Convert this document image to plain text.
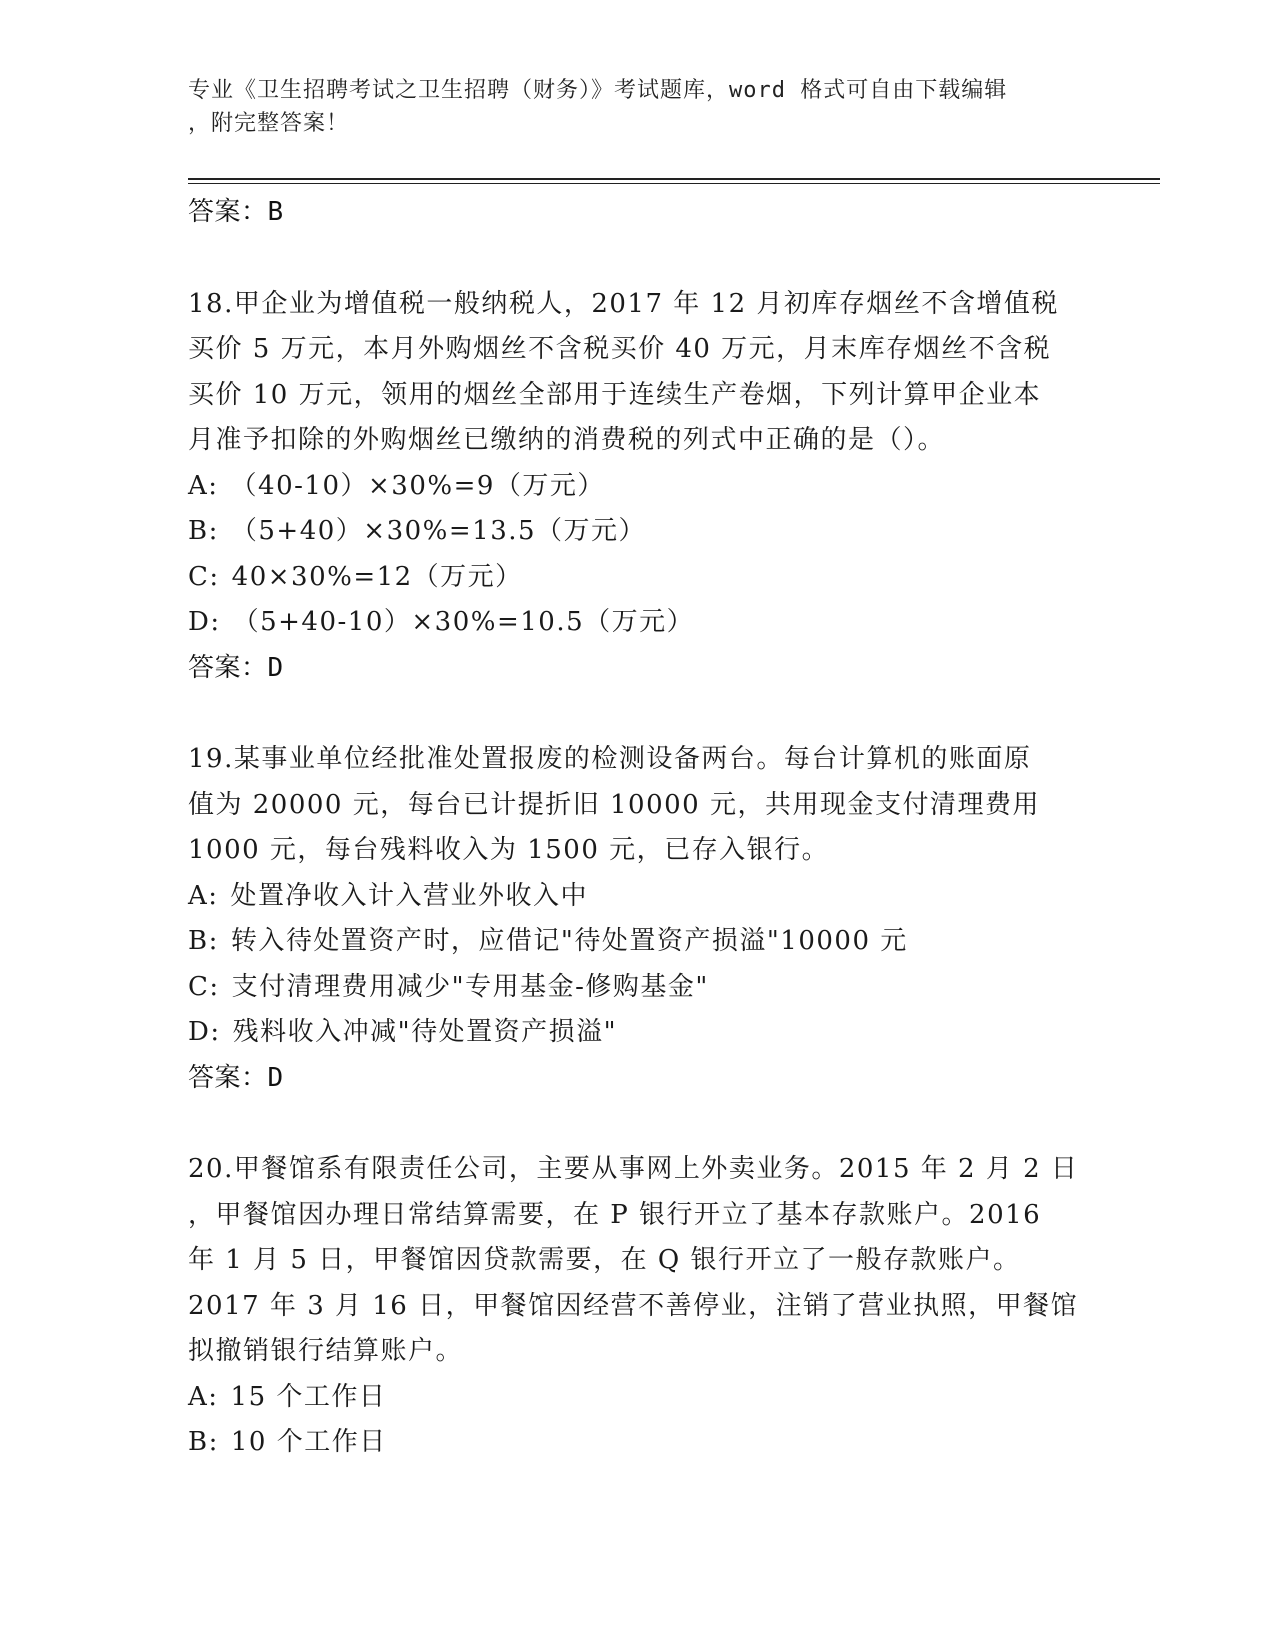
专业《卫生招聘考试之卫生招聘（财务）》考试题库，word 格式可自由下载编辑
，附完整答案！
答案：B
18.甲企业为增值税一般纳税人，2017 年 12 月初库存烟丝不含增值税
买价 5 万元，本月外购烟丝不含税买价 40 万元，月末库存烟丝不含税
买价 10 万元，领用的烟丝全部用于连续生产卷烟，下列计算甲企业本
月准予扣除的外购烟丝已缴纳的消费税的列式中正确的是（）。
A: （40-10）×30%=9（万元）
B: （5+40）×30%=13.5（万元）
C: 40×30%=12（万元）
D: （5+40-10）×30%=10.5（万元）
答案：D
19.某事业单位经批准处置报废的检测设备两台。每台计算机的账面原
值为 20000 元，每台已计提折旧 10000 元，共用现金支付清理费用
1000 元，每台残料收入为 1500 元，已存入银行。
A: 处置净收入计入营业外收入中
B: 转入待处置资产时，应借记"待处置资产损溢"10000 元
C: 支付清理费用减少"专用基金-修购基金"
D: 残料收入冲减"待处置资产损溢"
答案：D
20.甲餐馆系有限责任公司，主要从事网上外卖业务。2015 年 2 月 2 日
，甲餐馆因办理日常结算需要，在 P 银行开立了基本存款账户。2016
年 1 月 5 日，甲餐馆因贷款需要，在 Q 银行开立了一般存款账户。
2017 年 3 月 16 日，甲餐馆因经营不善停业，注销了营业执照，甲餐馆
拟撤销银行结算账户。
A: 15 个工作日
B: 10 个工作日
